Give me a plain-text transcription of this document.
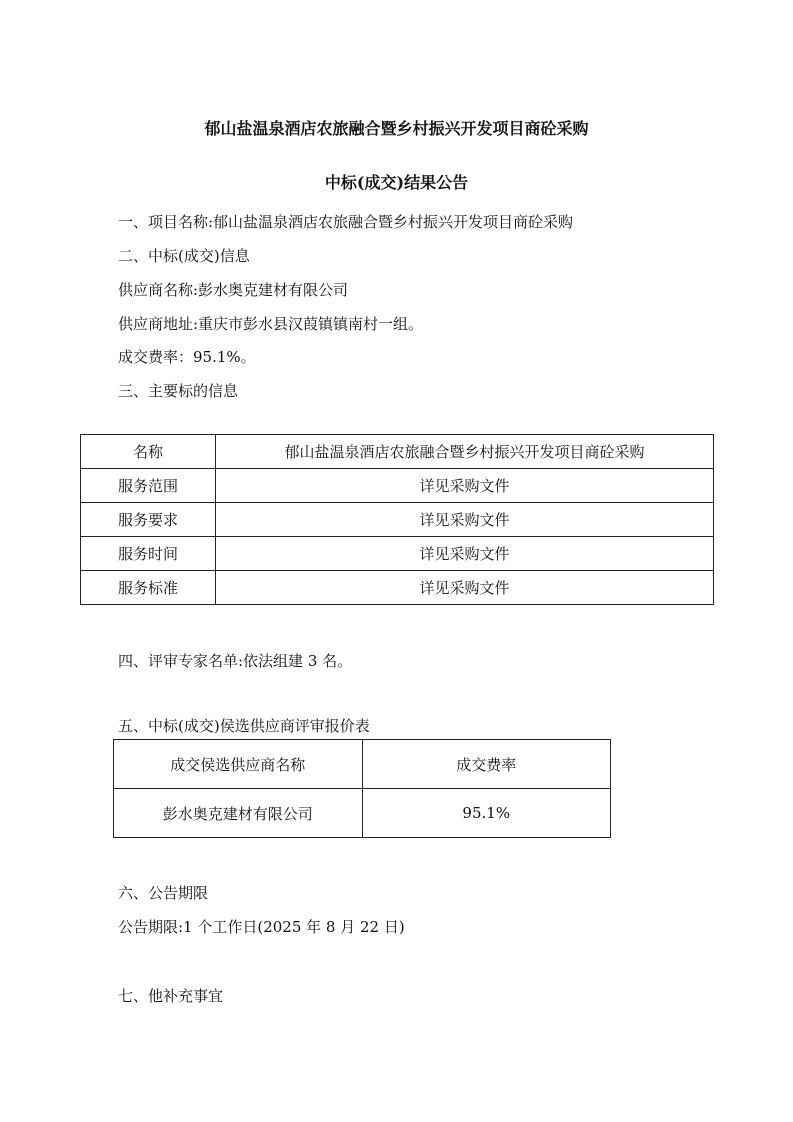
郁山盐温泉酒店农旅融合暨乡村振兴开发项目商砼采购
中标(成交)结果公告
一、项目名称:郁山盐温泉酒店农旅融合暨乡村振兴开发项目商砼采购
二、中标(成交)信息
供应商名称:彭水奥克建材有限公司
供应商地址:重庆市彭水县汉葭镇镇南村一组。
成交费率：95.1%。
三、主要标的信息
名称	郁山盐温泉酒店农旅融合暨乡村振兴开发项目商砼采购
服务范围	详见采购文件
服务要求	详见采购文件
服务时间	详见采购文件
服务标准	详见采购文件
四、评审专家名单:依法组建 3 名。
五、中标(成交)侯选供应商评审报价表
成交侯选供应商名称	成交费率
彭水奥克建材有限公司	95.1%
六、公告期限
公告期限:1 个工作日(2025 年 8 月 22 日)
七、他补充事宜
